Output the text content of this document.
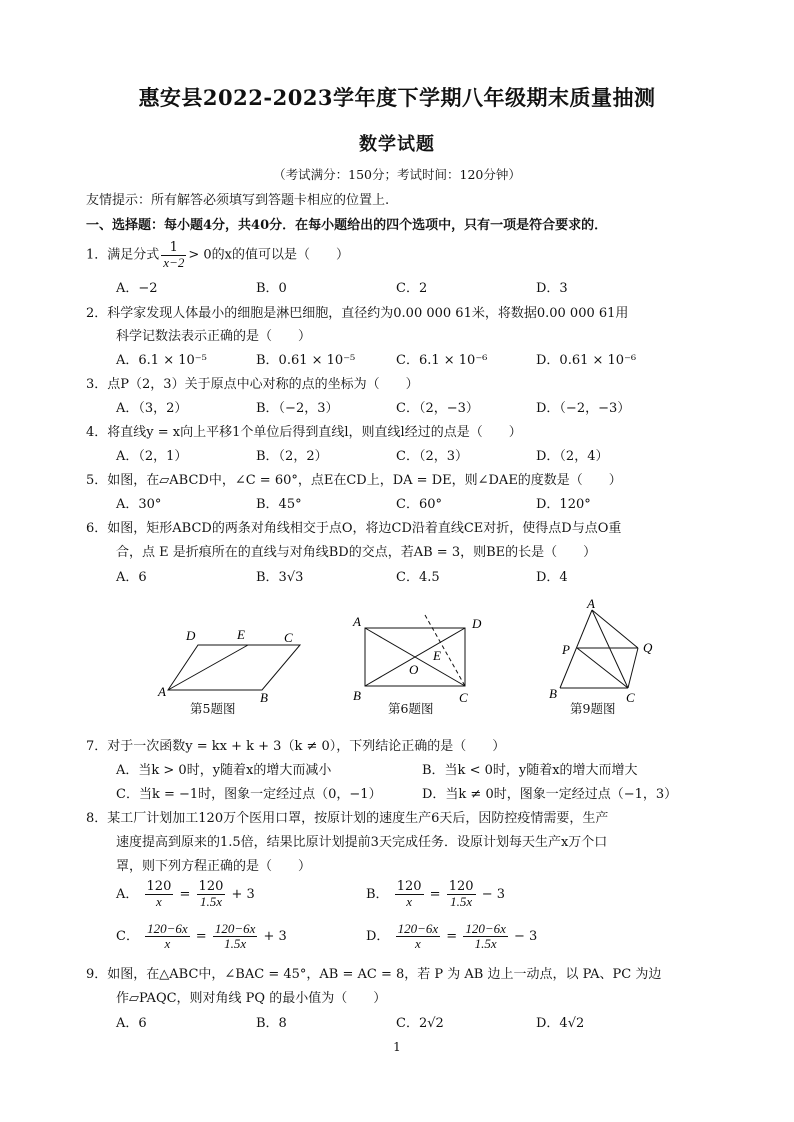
惠安县2022-2023学年度下学期八年级期末质量抽测
数学试题
（考试满分：150分；考试时间：120分钟）
友情提示：所有解答必须填写到答题卡相应的位置上.
一、选择题：每小题4分，共40分．在每小题给出的四个选项中，只有一项是符合要求的．
1．满足分式 $\frac{1}{x-2} > 0$的x的值可以是（　　）
A．−2	B．0	C．2	D．3
2．科学家发现人体最小的细胞是淋巴细胞，直径约为0.00 000 61米，将数据0.00 000 61用
科学记数法表示正确的是（　　）
A．6.1 × 10⁻⁵	B．0.61 × 10⁻⁵	C．6.1 × 10⁻⁶	D．0.61 × 10⁻⁶
3．点P（2，3）关于原点中心对称的点的坐标为（　　）
A．（3，2）	B．（−2，3）	C．（2，−3）	D．（−2，−3）
4．将直线y = x向上平移1个单位后得到直线l，则直线l经过的点是（　　）
A．（2，1）	B．（2，2）	C．（2，3）	D．（2，4）
5．如图，在▱ABCD中，∠C = 60°，点E在CD上，DA = DE，则∠DAE的度数是（　　）
A．30°	B．45°	C．60°	D．120°
6．如图，矩形ABCD的两条对角线相交于点O，将边CD沿着直线CE对折，使得点D与点O重
合，点 E 是折痕所在的直线与对角线BD的交点，若AB = 3，则BE的长是（　　）
A．6	B．3√3	C．4.5	D．4
A	B
C
D	E
第5题图
A
B	C
D
E
O
第6题图
A
B	C
P	Q
第9题图
7．对于一次函数y = kx + k + 3（k ≠ 0），下列结论正确的是（　　）
A．当k > 0时，y随着x的增大而减小	B．当k < 0时，y随着x的增大而增大
C．当k = −1时，图象一定经过点（0，−1）	D．当k ≠ 0时，图象一定经过点（−1，3）
8．某工厂计划加工120万个医用口罩，按原计划的速度生产6天后，因防控疫情需要，生产
速度提高到原来的1.5倍，结果比原计划提前3天完成任务．设原计划每天生产x万个口
罩，则下列方程正确的是（　　）
A． $\frac{120}{x} = \frac{120}{1.5x} + 3$	B． $\frac{120}{x} = \frac{120}{1.5x} - 3$
C． $\frac{120-6x}{x} = \frac{120-6x}{1.5x} + 3$	D． $\frac{120-6x}{x} = \frac{120-6x}{1.5x} - 3$
9．如图，在△ABC中，∠BAC = 45°，AB = AC = 8，若 P 为 AB 边上一动点，以 PA、PC 为边
作▱PAQC，则对角线 PQ 的最小值为（　　）
A．6	B．8	C．2√2	D．4√2
1
